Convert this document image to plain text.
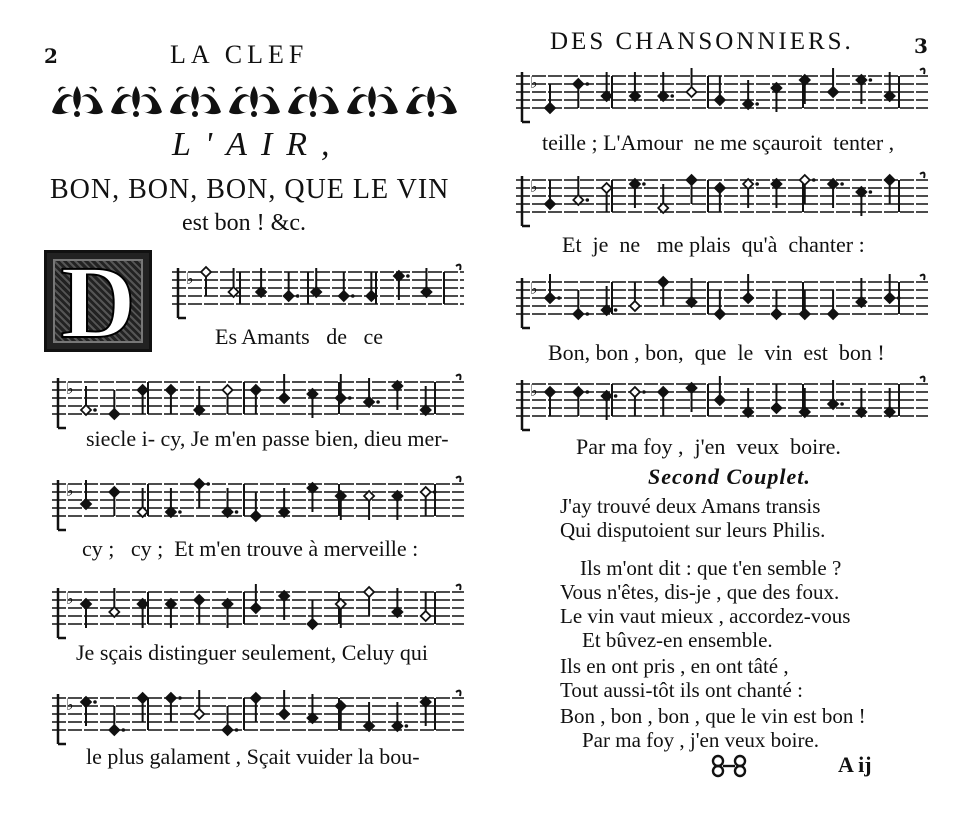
2	LA CLEF
L'AIR,
BON, BON, BON, QUE LE VIN
est bon ! &c.
D	♭
Es Amants   de   ce
♭
siecle i- cy, Je m'en passe bien, dieu mer-
♭
cy ;   cy ;  Et m'en trouve à merveille :
♭
Je sçais distinguer seulement, Celuy qui
♭
le plus galament , Sçait vuider la bou-
DES CHANSONNIERS.	3
♭
teille ; L'Amour  ne me sçauroit  tenter ,
♭
Et  je  ne   me plais  qu'à  chanter :
♭
Bon, bon , bon,  que  le  vin  est  bon !
♭
Par ma foy ,  j'en  veux  boire.
Second Couplet.
J'ay trouvé deux Amans transis
Qui disputoient sur leurs Philis.
Ils m'ont dit : que t'en semble ?
Vous n'êtes, dis-je , que des foux.
Le vin vaut mieux , accordez-vous
Et bûvez-en ensemble.
Ils en ont pris , en ont tâté ,
Tout aussi-tôt ils ont chanté :
Bon , bon , bon , que le vin est bon !
Par ma foy , j'en veux boire.
A ij
